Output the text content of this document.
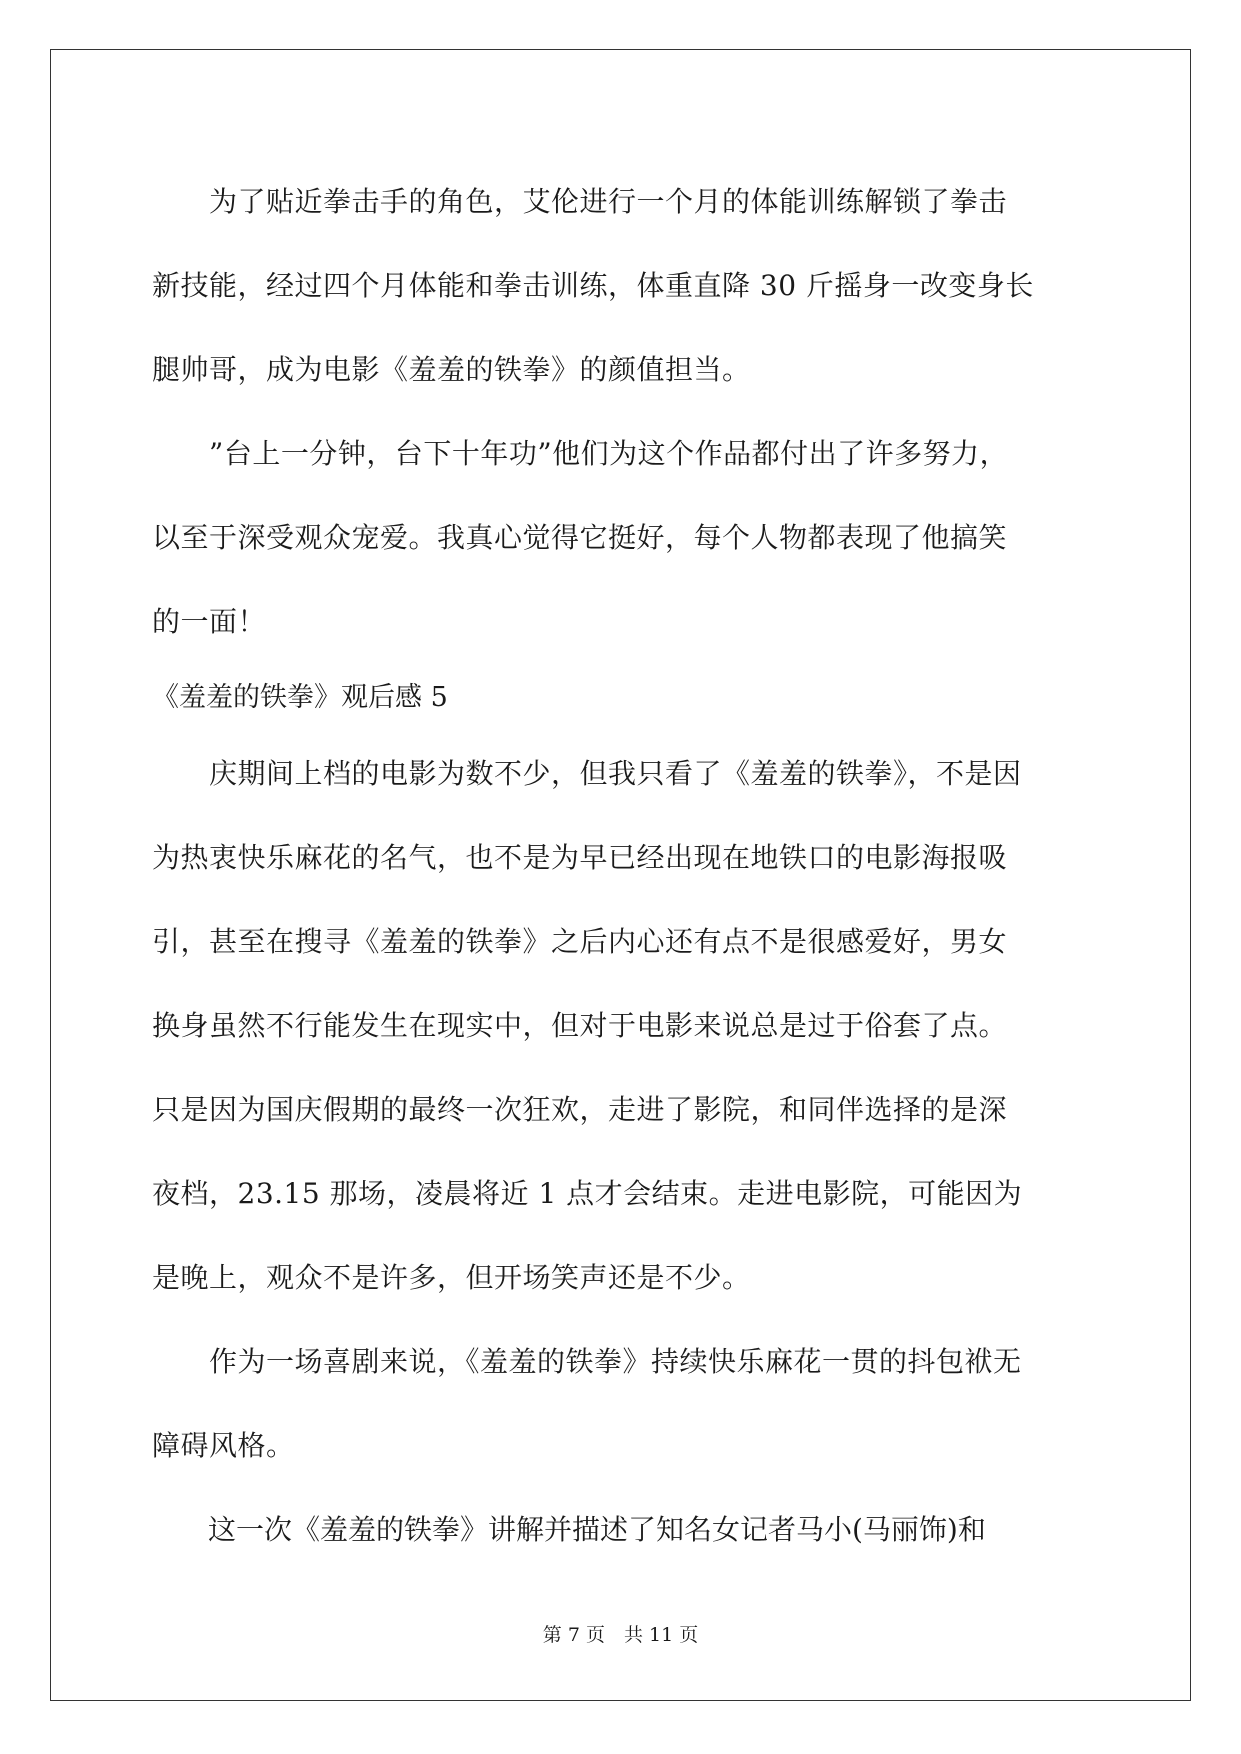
　　为了贴近拳击手的角色，艾伦进行一个月的体能训练解锁了拳击
新技能，经过四个月体能和拳击训练，体重直降 30 斤摇身一改变身长
腿帅哥，成为电影《羞羞的铁拳》的颜值担当。
　　”台上一分钟，台下十年功”他们为这个作品都付出了许多努力，
以至于深受观众宠爱。我真心觉得它挺好，每个人物都表现了他搞笑
的一面！
《羞羞的铁拳》观后感 5
　　庆期间上档的电影为数不少，但我只看了《羞羞的铁拳》，不是因
为热衷快乐麻花的名气，也不是为早已经出现在地铁口的电影海报吸
引，甚至在搜寻《羞羞的铁拳》之后内心还有点不是很感爱好，男女
换身虽然不行能发生在现实中，但对于电影来说总是过于俗套了点。
只是因为国庆假期的最终一次狂欢，走进了影院，和同伴选择的是深
夜档，23.15 那场，凌晨将近 1 点才会结束。走进电影院，可能因为
是晚上，观众不是许多，但开场笑声还是不少。
　　作为一场喜剧来说，《羞羞的铁拳》持续快乐麻花一贯的抖包袱无
障碍风格。
　　这一次《羞羞的铁拳》讲解并描述了知名女记者马小(马丽饰)和
第 7 页　共 11 页
